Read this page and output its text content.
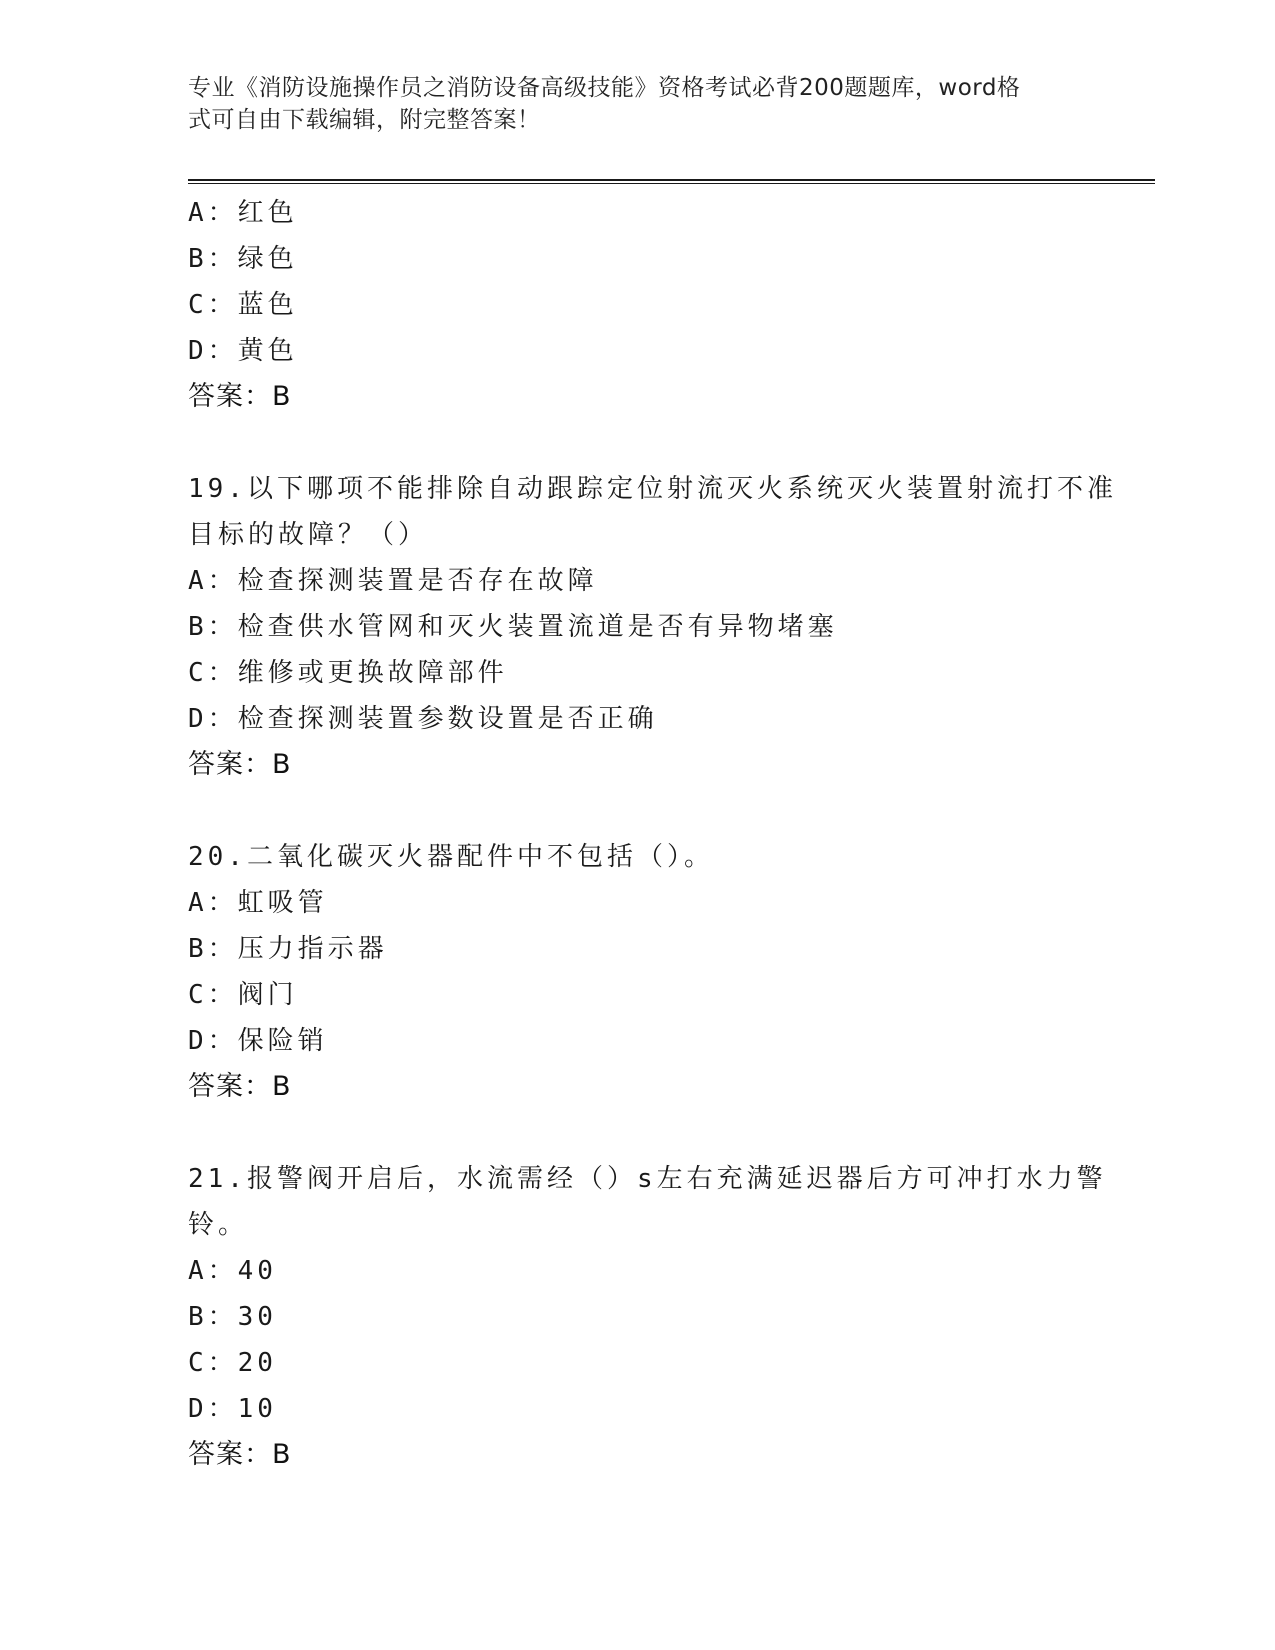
专业《消防设施操作员之消防设备高级技能》资格考试必背200题题库，word格
式可自由下载编辑，附完整答案！
A：红色
B：绿色
C：蓝色
D：黄色
答案：B
19.以下哪项不能排除自动跟踪定位射流灭火系统灭火装置射流打不准
目标的故障？（）
A：检查探测装置是否存在故障
B：检查供水管网和灭火装置流道是否有异物堵塞
C：维修或更换故障部件
D：检查探测装置参数设置是否正确
答案：B
20.二氧化碳灭火器配件中不包括（）。
A：虹吸管
B：压力指示器
C：阀门
D：保险销
答案：B
21.报警阀开启后，水流需经（）s左右充满延迟器后方可冲打水力警
铃。
A：40
B：30
C：20
D：10
答案：B
